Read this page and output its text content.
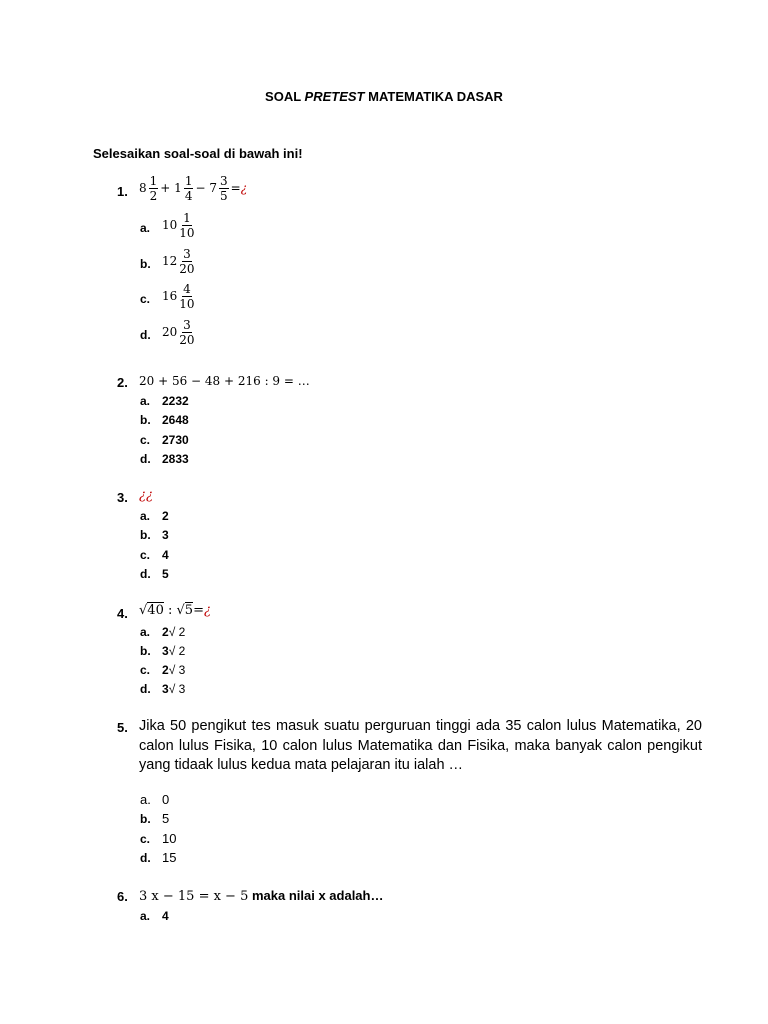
SOAL PRETEST MATEMATIKA DASAR
Selesaikan soal-soal di bawah ini!
1. $8 \frac{1}{2} + 1 \frac{1}{4} - 7 \frac{3}{5}$ =¿
a. $10 \frac{1}{10}$
b. $12 \frac{3}{20}$
c. $16 \frac{4}{10}$
d. $20 \frac{3}{20}$
2. 20 + 56 − 48 + 216 : 9 = …
a. 2232
b. 2648
c. 2730
d. 2833
3. ¿¿
a. 2
b. 3
c. 4
d. 5
4. √40 : √5=¿
a. 2√ 2
b. 3√ 2
c. 2√ 3
d. 3√ 3
5. Jika 50 pengikut tes masuk suatu perguruan tinggi ada 35 calon lulus Matematika, 20 calon lulus Fisika, 10 calon lulus Matematika dan Fisika, maka banyak calon pengikut yang tidaak lulus kedua mata pelajaran itu ialah …
a. 0
b. 5
c. 10
d. 15
6. 3 x − 15 = x − 5 maka nilai x adalah…
a. 4
